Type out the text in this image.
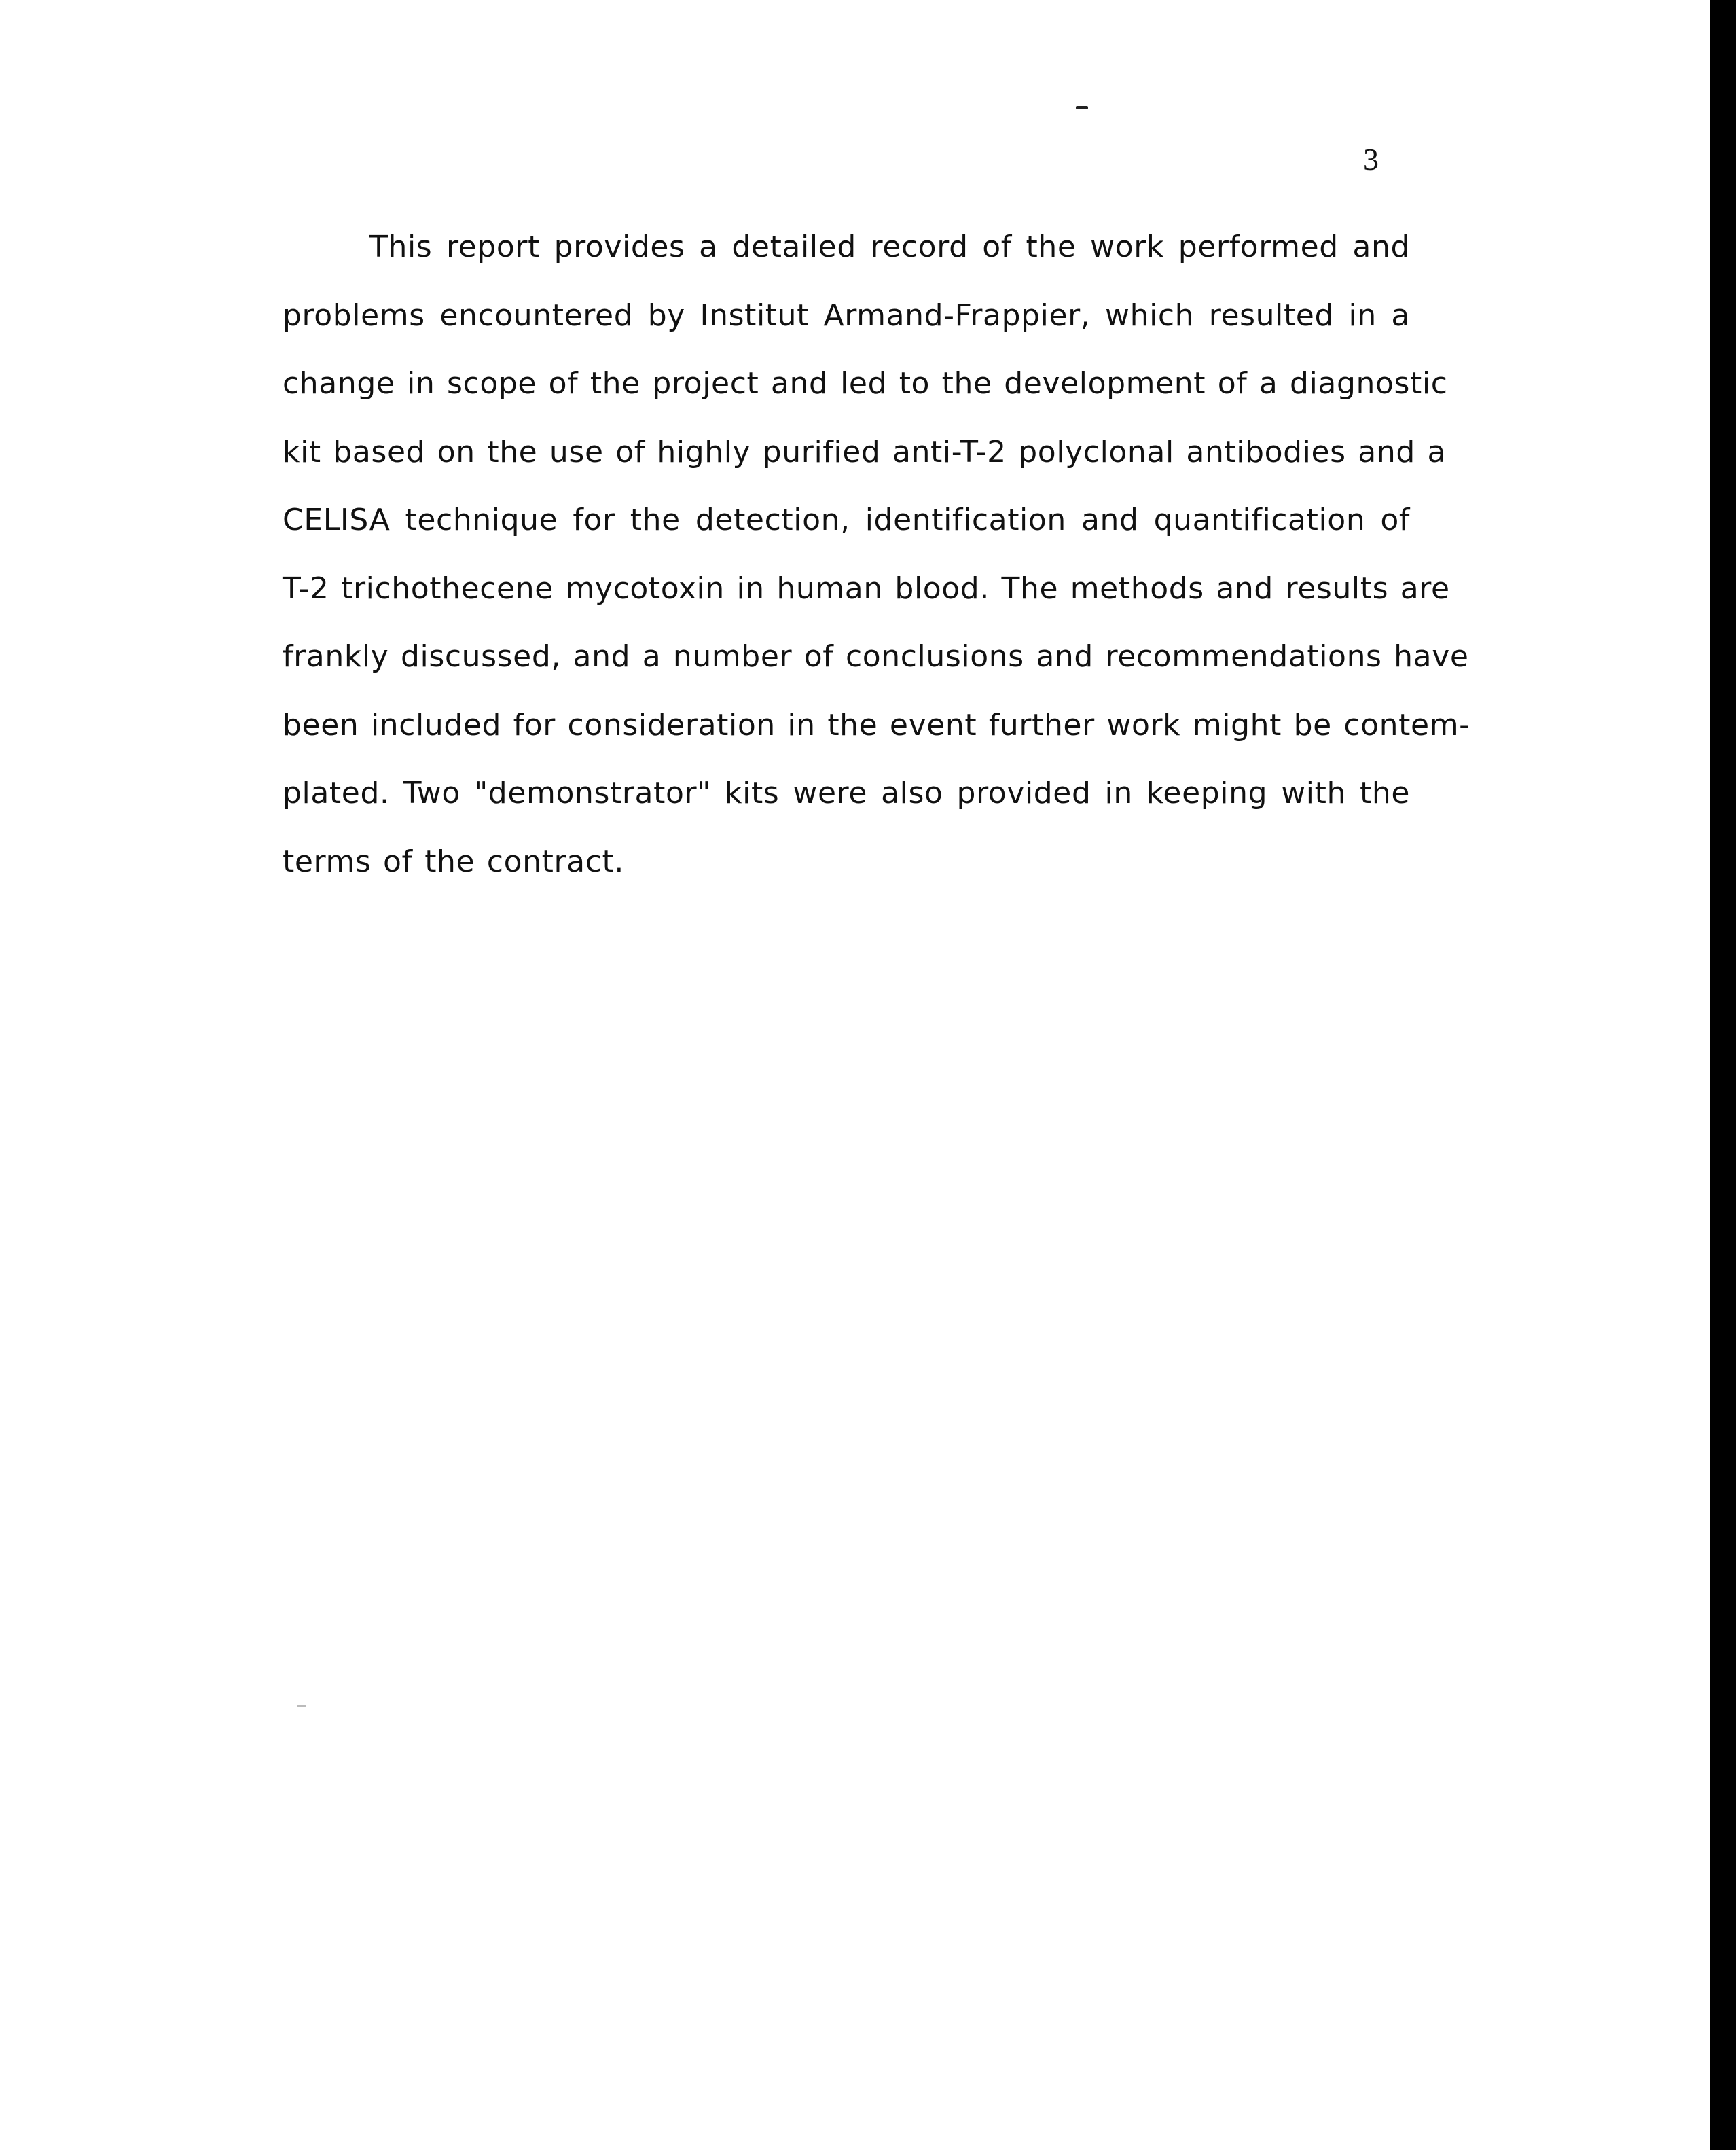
3
This report provides a detailed record of the work performed and
problems encountered by Institut Armand-Frappier, which resulted in a
change in scope of the project and led to the development of a diagnostic
kit based on the use of highly purified anti-T-2 polyclonal antibodies and a
CELISA technique for the detection, identification and quantification of
T-2 trichothecene mycotoxin in human blood. The methods and results are
frankly discussed, and a number of conclusions and recommendations have
been included for consideration in the event further work might be contem-
plated. Two "demonstrator" kits were also provided in keeping with the
terms of the contract.
